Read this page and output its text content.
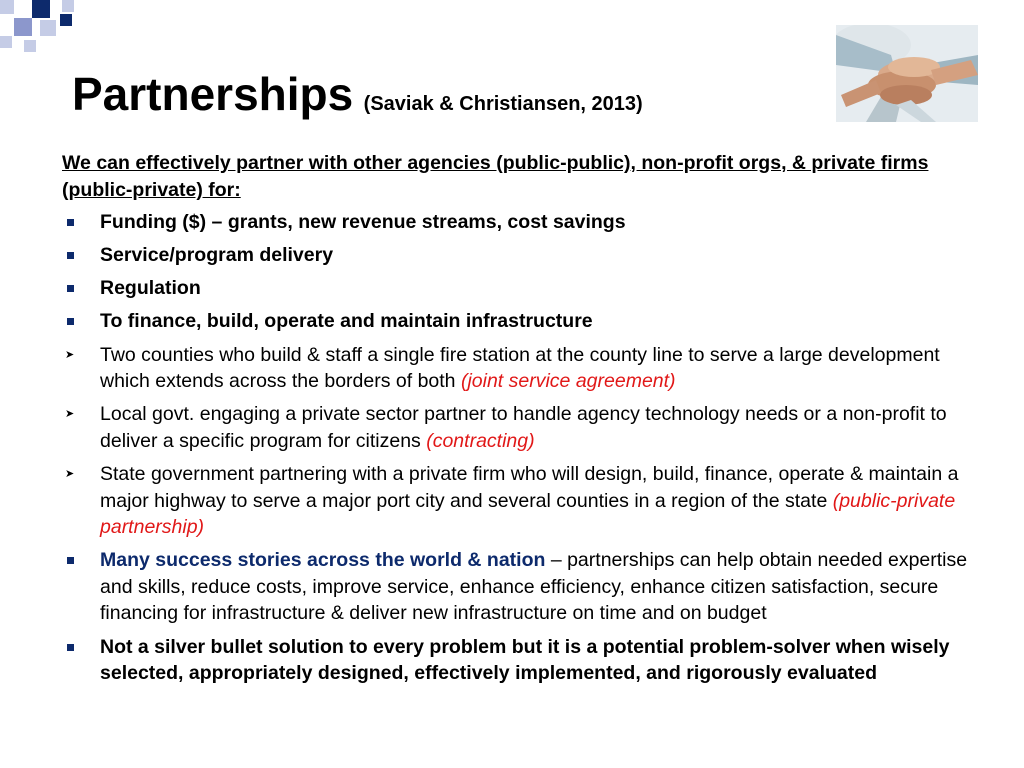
Partnerships (Saviak & Christiansen, 2013)

We can effectively partner with other agencies (public-public), non-profit orgs, & private firms (public-private) for:

Funding ($) – grants, new revenue streams, cost savings
Service/program delivery
Regulation
To finance, build, operate and maintain infrastructure
➤	Two counties who build & staff a single fire station at the county line to serve a large development which extends across the borders of both (joint service agreement)
➤	Local govt. engaging a private sector partner to handle agency technology needs or a non-profit to deliver a specific program for citizens (contracting)
➤	State government partnering with a private firm who will design, build, finance, operate & maintain a major highway to serve a major port city and several counties in a region of the state (public-private partnership)
Many success stories across the world & nation – partnerships can help obtain needed expertise and skills, reduce costs, improve service, enhance efficiency, enhance citizen satisfaction, secure financing for infrastructure & deliver new infrastructure on time and on budget
Not a silver bullet solution to every problem but it is a potential problem-solver when wisely selected, appropriately designed, effectively implemented, and rigorously evaluated
